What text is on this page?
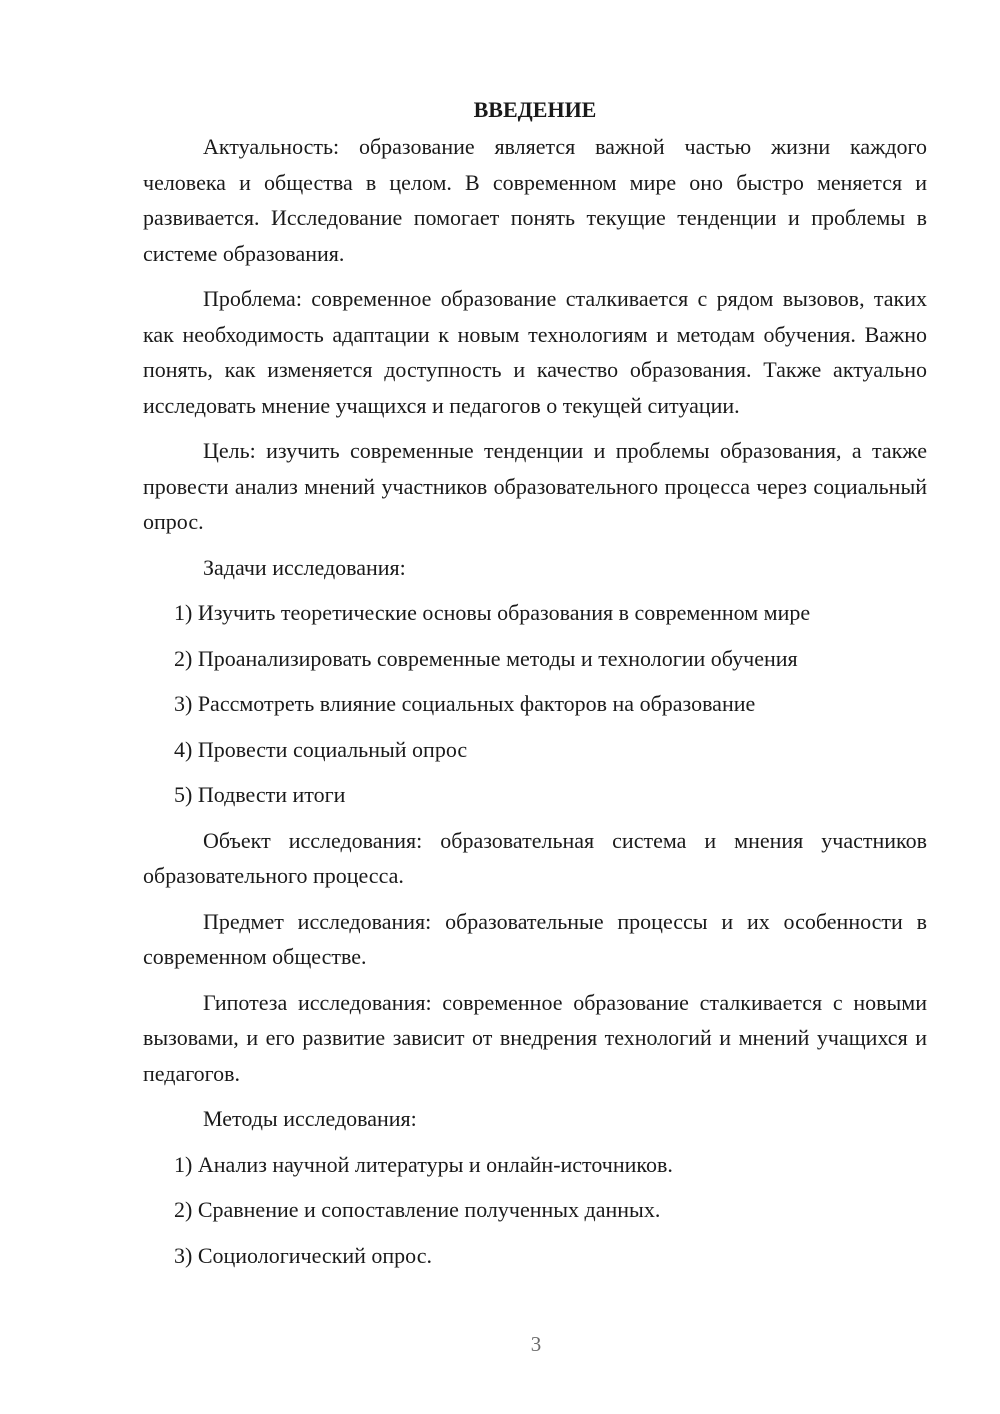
ВВЕДЕНИЕ

Актуальность: образование является важной частью жизни каждого человека и общества в целом. В современном мире оно быстро меняется и развивается. Исследование помогает понять текущие тенденции и проблемы в системе образования.

Проблема: современное образование сталкивается с рядом вызовов, таких как необходимость адаптации к новым технологиям и методам обучения. Важно понять, как изменяется доступность и качество образования. Также актуально исследовать мнение учащихся и педагогов о текущей ситуации.

Цель: изучить современные тенденции и проблемы образования, а также провести анализ мнений участников образовательного процесса через социальный опрос.

Задачи исследования:

1) Изучить теоретические основы образования в современном мире
2) Проанализировать современные методы и технологии обучения
3) Рассмотреть влияние социальных факторов на образование
4) Провести социальный опрос
5) Подвести итоги

Объект исследования: образовательная система и мнения участников образовательного процесса.

Предмет исследования: образовательные процессы и их особенности в современном обществе.

Гипотеза исследования: современное образование сталкивается с новыми вызовами, и его развитие зависит от внедрения технологий и мнений учащихся и педагогов.

Методы исследования:

1) Анализ научной литературы и онлайн-источников.
2) Сравнение и сопоставление полученных данных.
3) Социологический опрос.
3
